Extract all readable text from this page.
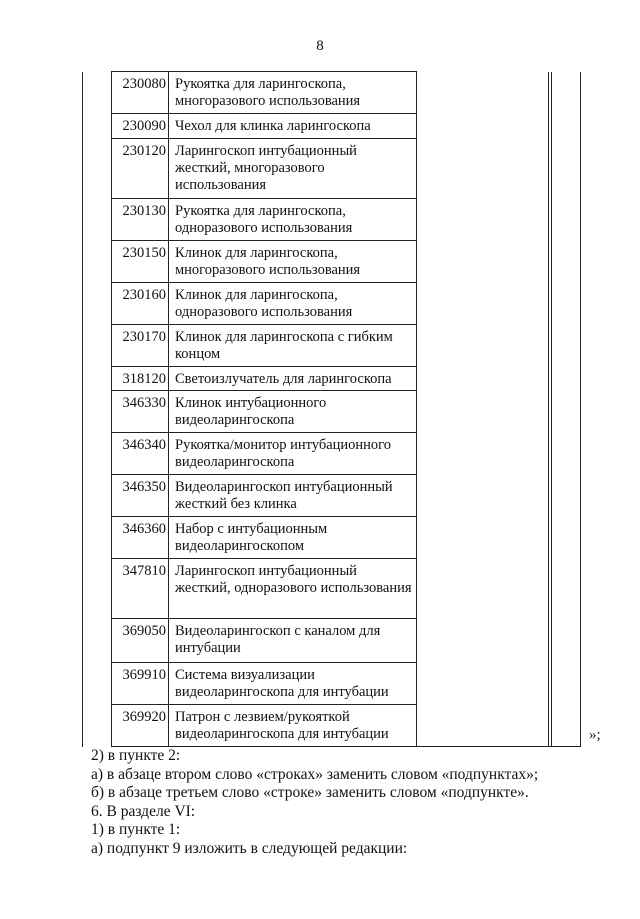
8
	230080	Рукоятка для ларингоскопа, многоразового использования			
	230090	Чехол для клинка ларингоскопа			
	230120	Ларингоскоп интубационный жесткий, многоразового использования			
	230130	Рукоятка для ларингоскопа, одноразового использования			
	230150	Клинок для ларингоскопа, многоразового использования			
	230160	Клинок для ларингоскопа, одноразового использования			
	230170	Клинок для ларингоскопа с гибким концом			
	318120	Светоизлучатель для ларингоскопа			
	346330	Клинок интубационного видеоларингоскопа			
	346340	Рукоятка/монитор интубационного видеоларингоскопа			
	346350	Видеоларингоскоп интубационный жесткий без клинка			
	346360	Набор с интубационным видеоларингоскопом			
	347810	Ларингоскоп интубационный жесткий, одноразового использования			
	369050	Видеоларингоскоп с каналом для интубации			
	369910	Система визуализации видеоларингоскопа для интубации			
	369920	Патрон с лезвием/рукояткой видеоларингоскопа для интубации				»;

2) в пункте 2:

а) в абзаце втором слово «строках» заменить словом «подпунктах»;

б) в абзаце третьем слово «строке» заменить словом «подпункте».

6. В разделе VI:

1) в пункте 1:

а) подпункт 9 изложить в следующей редакции:
